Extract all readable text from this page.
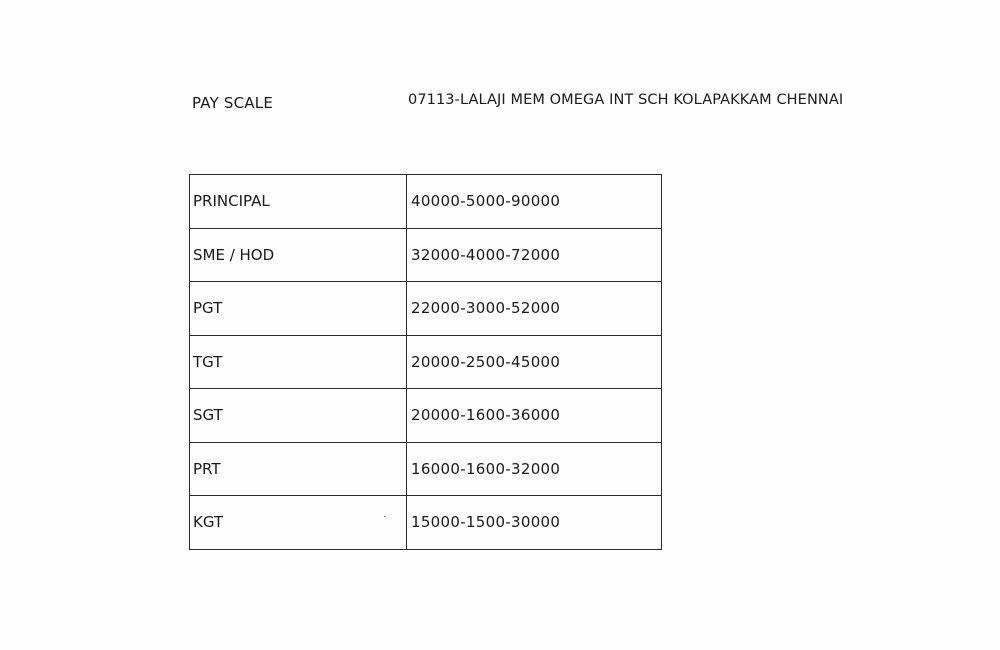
PAY SCALE	07113-LALAJI MEM OMEGA INT SCH KOLAPAKKAM CHENNAI
PRINCIPAL	40000-5000-90000
SME / HOD	32000-4000-72000
PGT	22000-3000-52000
TGT	20000-2500-45000
SGT	20000-1600-36000
PRT	16000-1600-32000
KGT	15000-1500-30000
